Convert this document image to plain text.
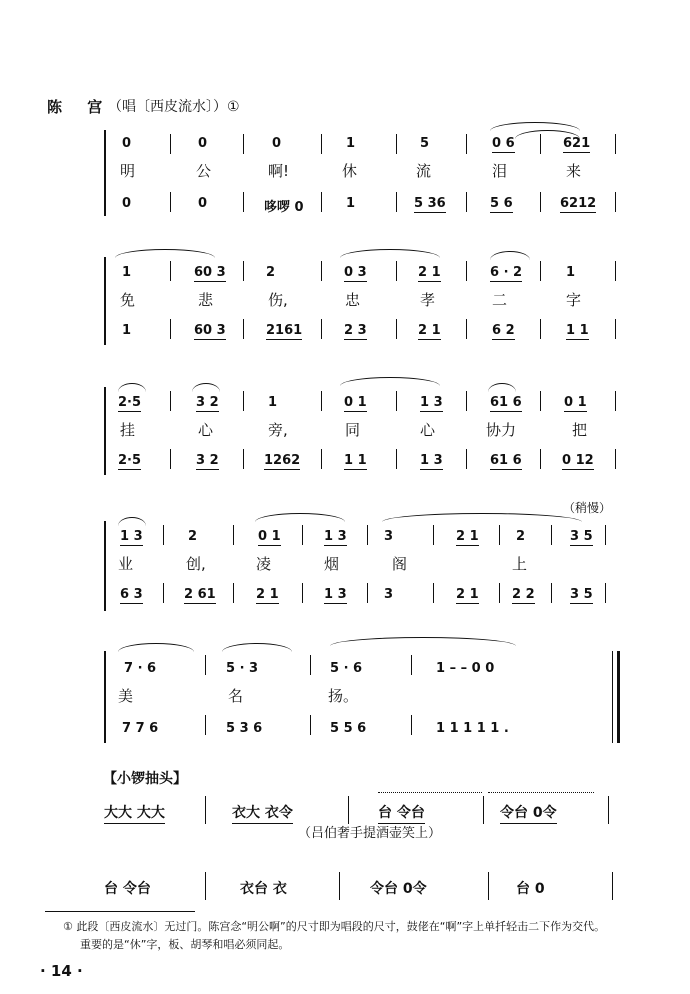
陈 宫
（唱〔西皮流水〕）①
0	0	0	1	5	0 6	621
明	公	啊!	休	流	泪	来
0	0	哆啰 0	1	5 36	5 6	6212
1	60 3	2	0 3	2 1	6 · 2	1
免	悲	伤,	忠	孝	二	字
1	60 3	2161	2 3	2 1	6 2	1 1
2·5	3 2	1	0 1	1 3	61 6	0 1
挂	心	旁,	同	心	协力	把
2·5	3 2	1262	1 1	1 3	61 6	0 12
（稍慢）
1 3	2	0 1	1 3	3	2 1	2	3 5
业	创,	凌	烟	阁	上
6 3	2 61	2 1	1 3	3	2 1	2 2	3 5
7 · 6	5 · 3	5 · 6	1 – – 0 0
美	名	扬。
7 7 6	5 3 6	5 5 6	1 1 1 1 1 .
【小锣抽头】
大大 大大	衣大 衣令	台 令台	令台 0令
（吕伯奢手提酒壶笑上）
台 令台	衣台 衣	令台 0令	台 0
① 此段〔西皮流水〕无过门。陈宫念“明公啊”的尺寸即为唱段的尺寸，鼓佬在“啊”字上单扦轻击二下作为交代。
重要的是“休”字，板、胡琴和唱必须同起。
· 14 ·
